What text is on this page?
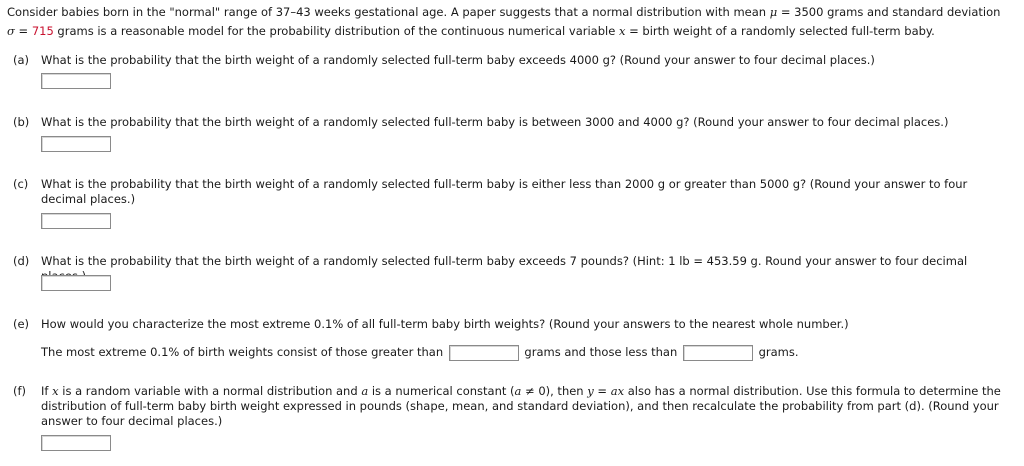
Consider babies born in the "normal" range of 37–43 weeks gestational age. A paper suggests that a normal distribution with mean μ = 3500 grams and standard deviation
σ = 715 grams is a reasonable model for the probability distribution of the continuous numerical variable x = birth weight of a randomly selected full-term baby.
(a) What is the probability that the birth weight of a randomly selected full-term baby exceeds 4000 g? (Round your answer to four decimal places.)
(b) What is the probability that the birth weight of a randomly selected full-term baby is between 3000 and 4000 g? (Round your answer to four decimal places.)
(c) What is the probability that the birth weight of a randomly selected full-term baby is either less than 2000 g or greater than 5000 g? (Round your answer to four decimal places.)
(d) What is the probability that the birth weight of a randomly selected full-term baby exceeds 7 pounds? (Hint: 1 lb = 453.59 g. Round your answer to four decimal
(e) How would you characterize the most extreme 0.1% of all full-term baby birth weights? (Round your answers to the nearest whole number.)
The most extreme 0.1% of birth weights consist of those greater than	grams and those less than	grams.
(f) If x is a random variable with a normal distribution and a is a numerical constant (a ≠ 0), then y = ax also has a normal distribution. Use this formula to determine the distribution of full-term baby birth weight expressed in pounds (shape, mean, and standard deviation), and then recalculate the probability from part (d). (Round your answer to four decimal places.)
